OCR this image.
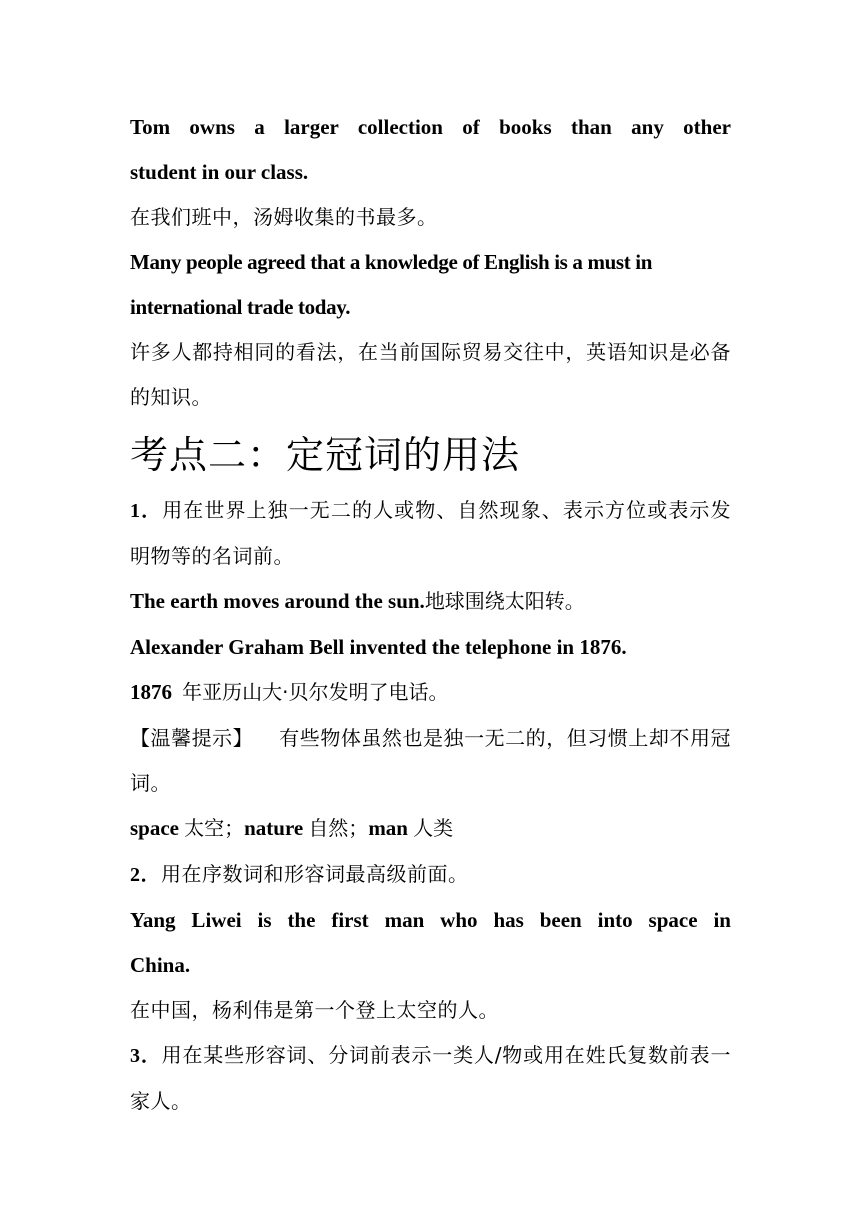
Tom owns a larger collection of books than any other
student in our class.

在我们班中，汤姆收集的书最多。

Many people agreed that a knowledge of English is a must in international trade today.

许多人都持相同的看法，在当前国际贸易交往中，英语知识是必备的知识。

考点二：定冠词的用法

1．用在世界上独一无二的人或物、自然现象、表示方位或表示发明物等的名词前。

The earth moves around the sun.地球围绕太阳转。

Alexander Graham Bell invented the telephone in 1876.

1876 年亚历山大·贝尔发明了电话。

【温馨提示】 有些物体虽然也是独一无二的，但习惯上却不用冠词。

space 太空；nature 自然；man 人类

2．用在序数词和形容词最高级前面。

Yang Liwei is the first man who has been into space in
China.

在中国，杨利伟是第一个登上太空的人。

3．用在某些形容词、分词前表示一类人/物或用在姓氏复数前表一家人。
